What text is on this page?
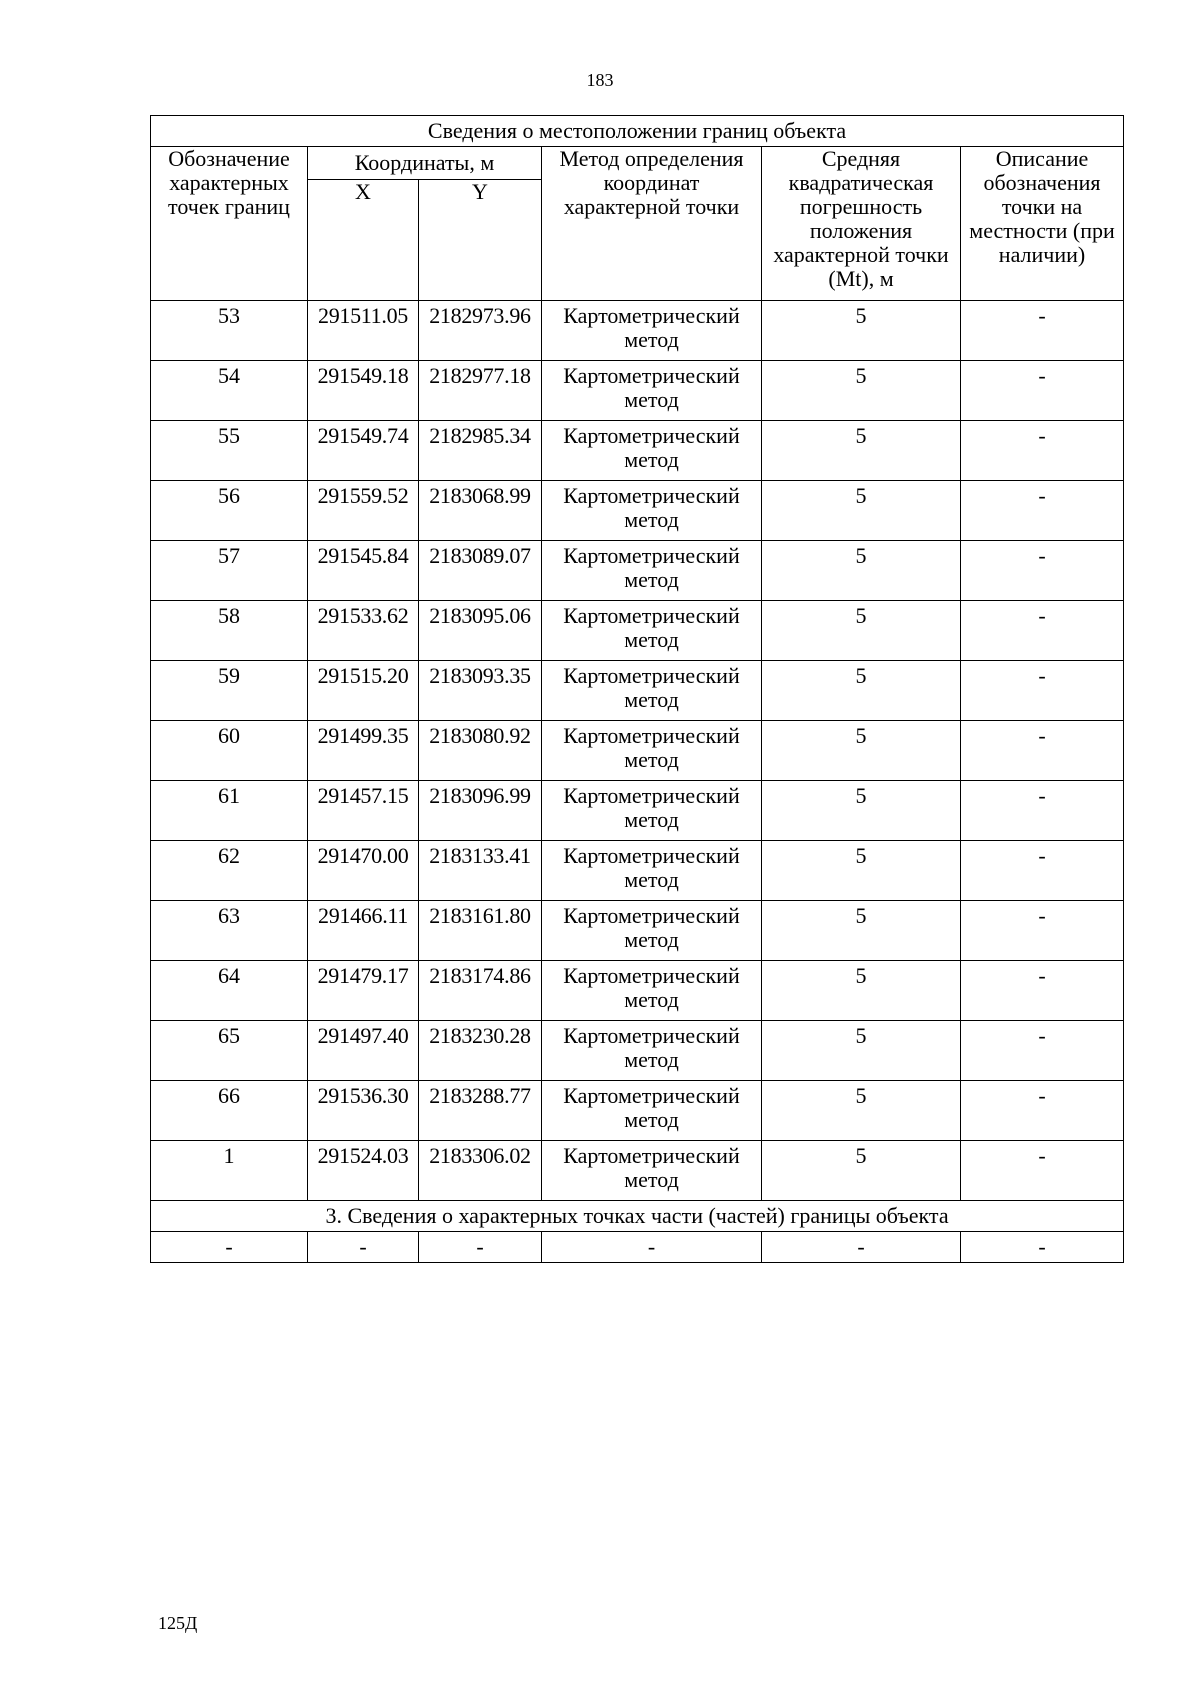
183
Сведения о местоположении границ объекта					
Обозначение характерных точек границ	Координаты, м		Метод определения координат характерной точки	Средняя квадратическая погрешность положения характерной точки (Mt), м	Описание обозначения точки на местности (при наличии)
	X	Y			
53	291511.05	2182973.96	Картометрический метод	5	-
54	291549.18	2182977.18	Картометрический метод	5	-
55	291549.74	2182985.34	Картометрический метод	5	-
56	291559.52	2183068.99	Картометрический метод	5	-
57	291545.84	2183089.07	Картометрический метод	5	-
58	291533.62	2183095.06	Картометрический метод	5	-
59	291515.20	2183093.35	Картометрический метод	5	-
60	291499.35	2183080.92	Картометрический метод	5	-
61	291457.15	2183096.99	Картометрический метод	5	-
62	291470.00	2183133.41	Картометрический метод	5	-
63	291466.11	2183161.80	Картометрический метод	5	-
64	291479.17	2183174.86	Картометрический метод	5	-
65	291497.40	2183230.28	Картометрический метод	5	-
66	291536.30	2183288.77	Картометрический метод	5	-
1	291524.03	2183306.02	Картометрический метод	5	-
3. Сведения о характерных точках части (частей) границы объекта					
-	-	-	-	-	-
125Д
